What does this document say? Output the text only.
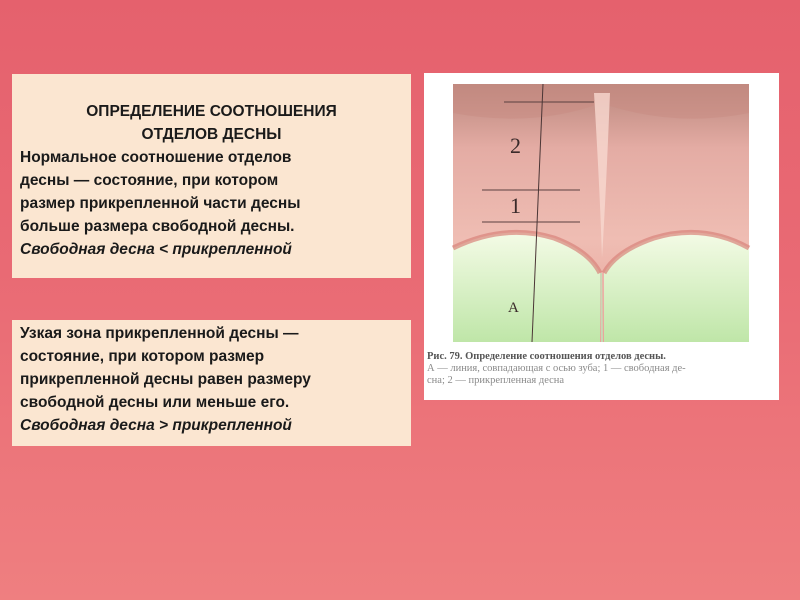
ОПРЕДЕЛЕНИЕ СООТНОШЕНИЯ
ОТДЕЛОВ ДЕСНЫ
Нормальное соотношение отделов
десны — состояние, при котором
размер прикрепленной части десны
больше размера свободной десны.
Свободная десна < прикрепленной
Узкая зона прикрепленной десны —
состояние, при котором размер
прикрепленной десны равен размеру
свободной десны или меньше его.
Свободная десна > прикрепленной
2
1
A
Рис. 79. Определение соотношения отделов десны.
А — линия, совпадающая с осью зуба; 1 — свободная де-
сна; 2 — прикрепленная десна
